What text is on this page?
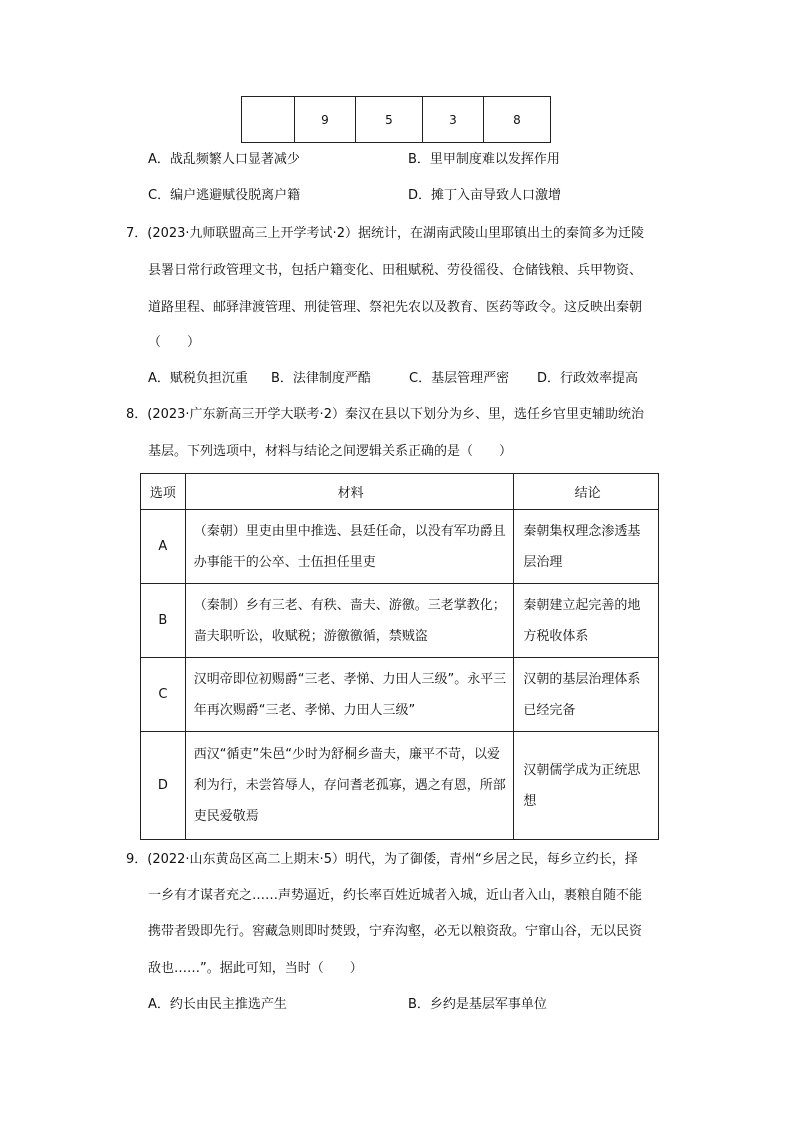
	9	5	3	8
A．战乱频繁人口显著减少	B．里甲制度难以发挥作用
C．编户逃避赋役脱离户籍	D．摊丁入亩导致人口激增
7．(2023·九师联盟高三上开学考试·2）据统计，在湖南武陵山里耶镇出土的秦简多为迁陵
县署日常行政管理文书，包括户籍变化、田租赋税、劳役徭役、仓储钱粮、兵甲物资、
道路里程、邮驿津渡管理、刑徒管理、祭祀先农以及教育、医药等政令。这反映出秦朝
（　　）
A．赋税负担沉重 B．法律制度严酷	C．基层管理严密 D．行政效率提高
8．(2023·广东新高三开学大联考·2）秦汉在县以下划分为乡、里，选任乡官里吏辅助统治
基层。下列选项中，材料与结论之间逻辑关系正确的是（　　）
选项	材料	结论
A	（秦朝）里吏由里中推选、县廷任命，以没有军功爵且办事能干的公卒、士伍担任里吏	秦朝集权理念渗透基层治理

B	（秦制）乡有三老、有秩、啬夫、游徼。三老掌教化；啬夫职听讼，收赋税；游徼徼循，禁贼盗	秦朝建立起完善的地方税收体系

C	汉明帝即位初赐爵“三老、孝悌、力田人三级”。永平三年再次赐爵“三老、孝悌、力田人三级”	汉朝的基层治理体系已经完备

D	西汉“循吏”朱邑“少时为舒桐乡啬夫，廉平不苛，以爱利为行，未尝笞辱人，存问耆老孤寡，遇之有恩，所部吏民爱敬焉	汉朝儒学成为正统思想
9．(2022·山东黄岛区高二上期末·5）明代，为了御倭，青州“乡居之民，每乡立约长，择
一乡有才谋者充之……声势逼近，约长率百姓近城者入城，近山者入山，裹粮自随不能
携带者毁即先行。窖藏急则即时焚毁，宁弃沟壑，必无以粮资敌。宁窜山谷，无以民资
敌也……”。据此可知，当时（　　）
A．约长由民主推选产生	B．乡约是基层军事单位
